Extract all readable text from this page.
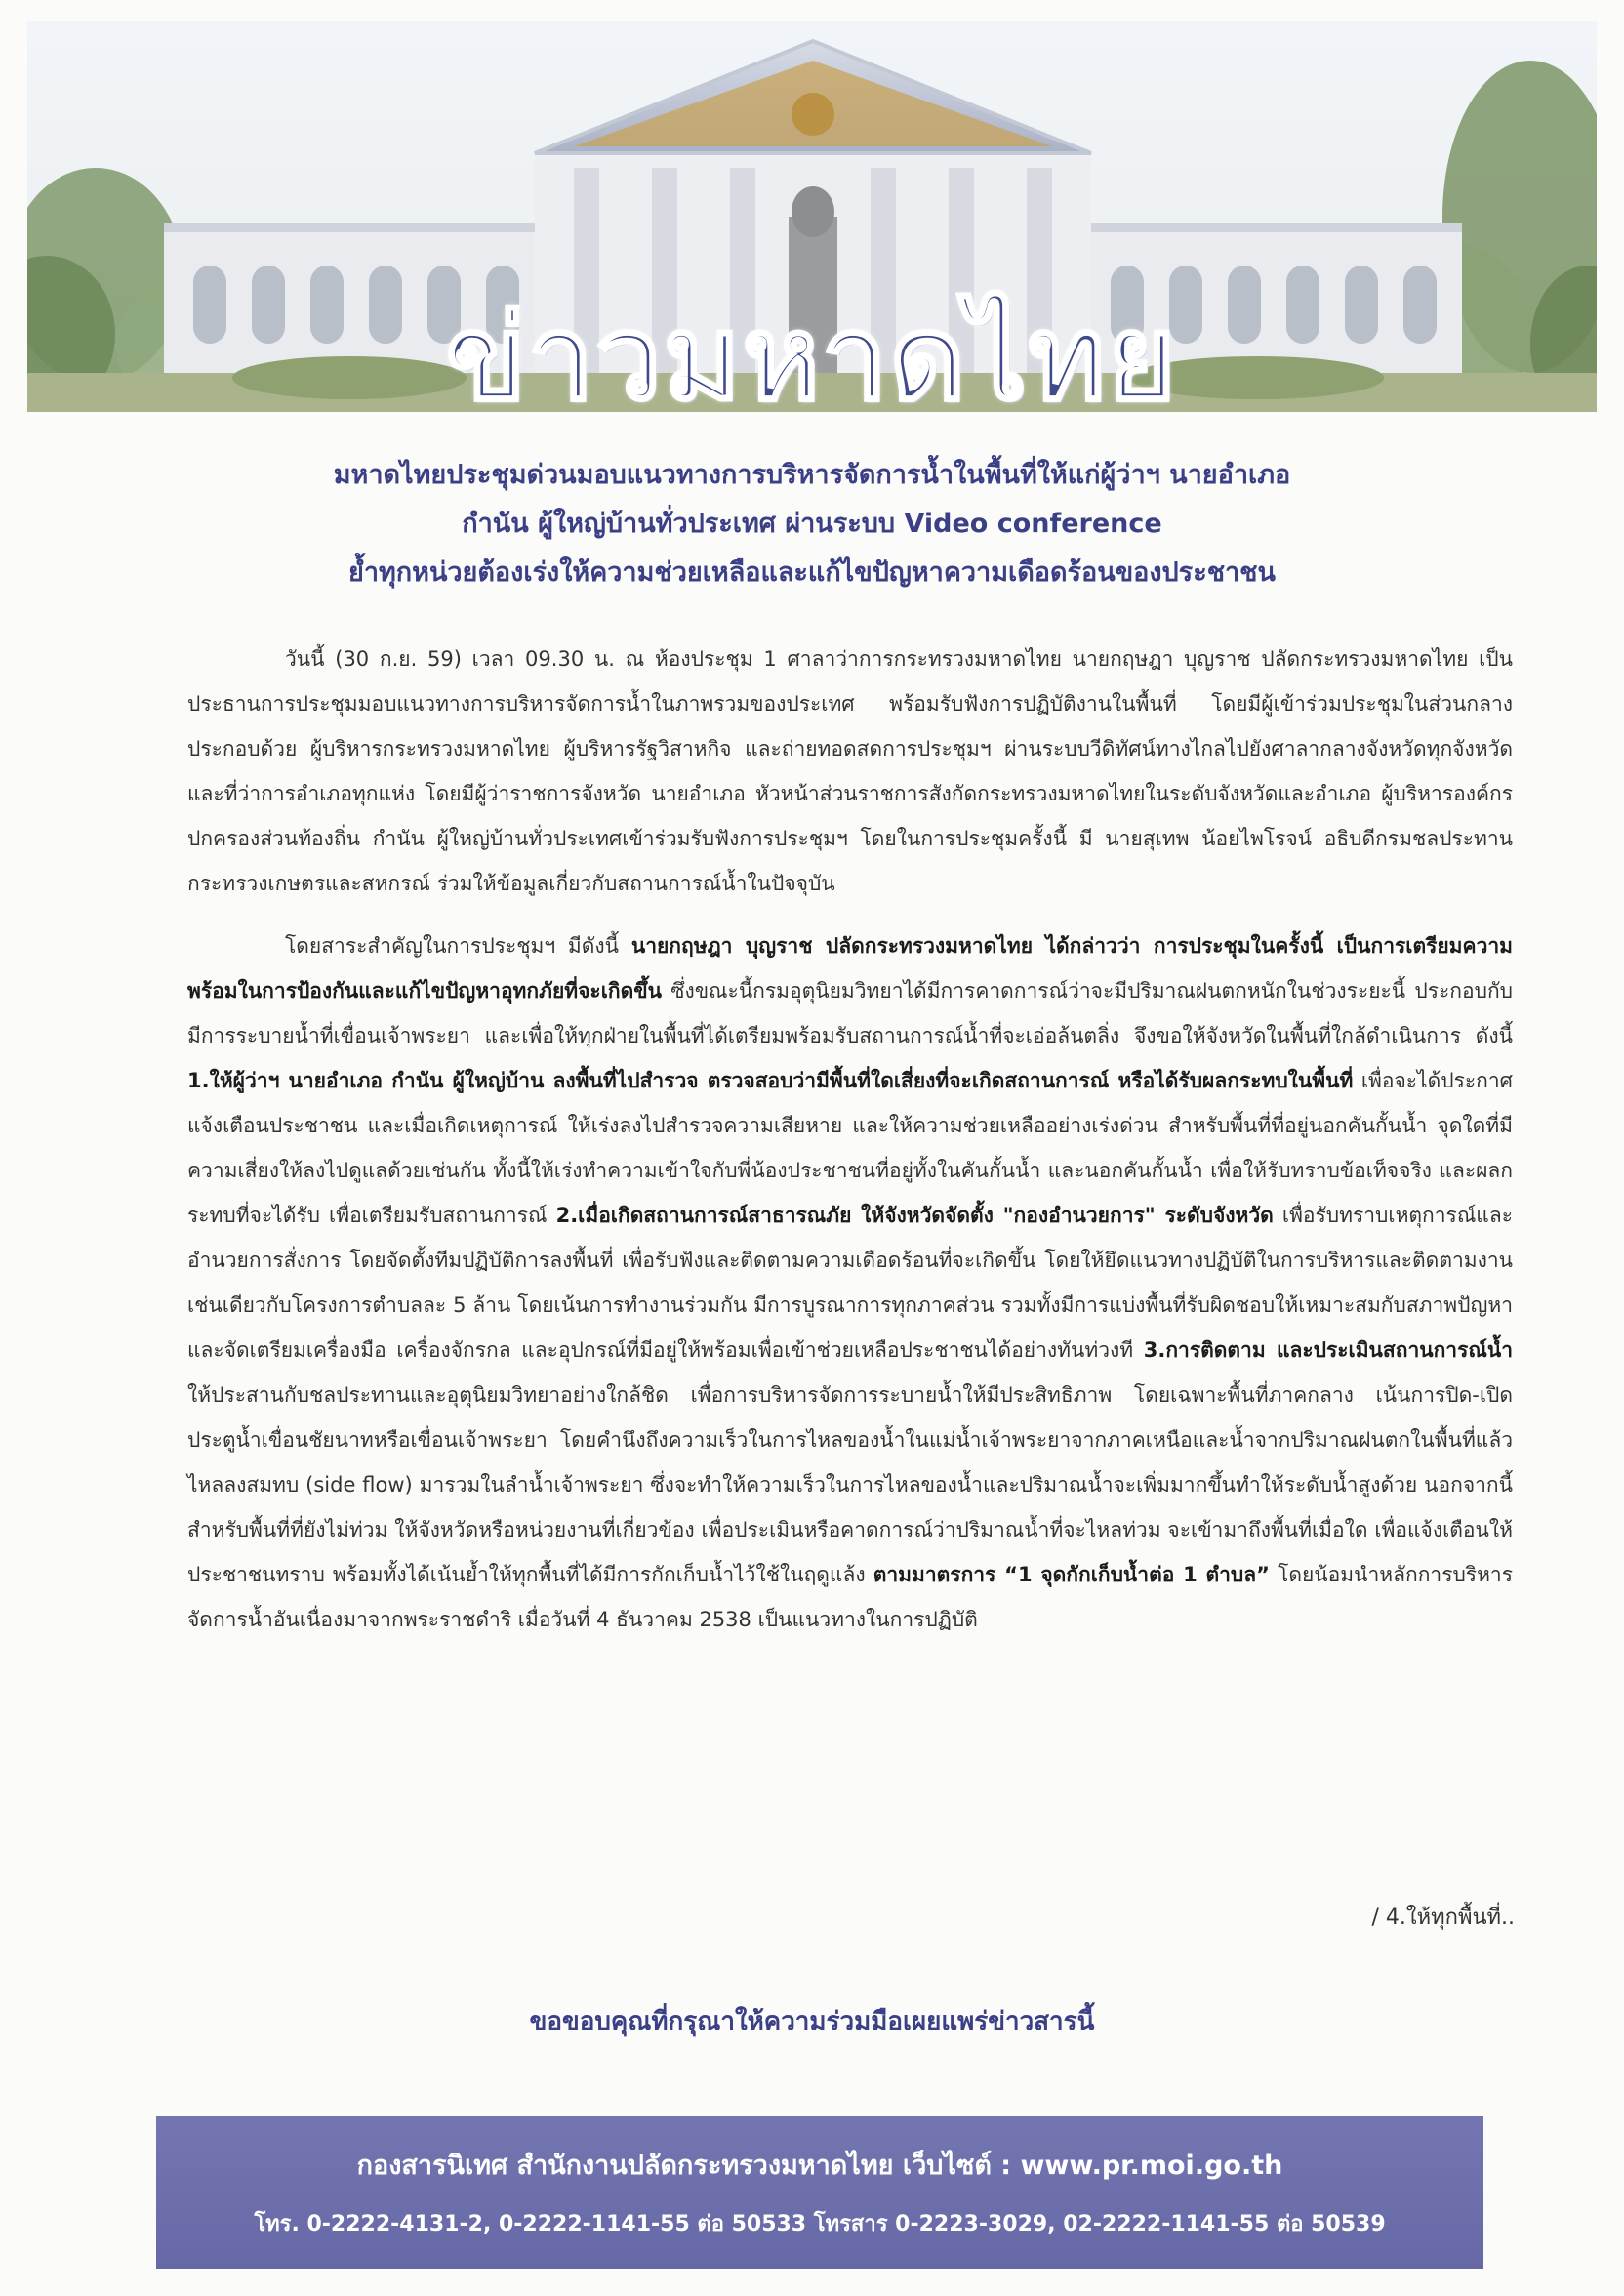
ข่าวมหาดไทย
มหาดไทยประชุมด่วนมอบแนวทางการบริหารจัดการน้ำในพื้นที่ให้แก่ผู้ว่าฯ นายอำเภอ
กำนัน ผู้ใหญ่บ้านทั่วประเทศ ผ่านระบบ Video conference
ย้ำทุกหน่วยต้องเร่งให้ความช่วยเหลือและแก้ไขปัญหาความเดือดร้อนของประชาชน

วันนี้ (30 ก.ย. 59) เวลา 09.30 น. ณ ห้องประชุม 1 ศาลาว่าการกระทรวงมหาดไทย นายกฤษฎา บุญราช ปลัดกระทรวงมหาดไทย เป็นประธานการประชุมมอบแนวทางการบริหารจัดการน้ำในภาพรวมของประเทศ พร้อมรับฟังการปฏิบัติงานในพื้นที่ โดยมีผู้เข้าร่วมประชุมในส่วนกลาง ประกอบด้วย ผู้บริหารกระทรวงมหาดไทย ผู้บริหารรัฐวิสาหกิจ และถ่ายทอดสดการประชุมฯ ผ่านระบบวีดิทัศน์ทางไกลไปยังศาลากลางจังหวัดทุกจังหวัดและที่ว่าการอำเภอทุกแห่ง โดยมีผู้ว่าราชการจังหวัด นายอำเภอ หัวหน้าส่วนราชการสังกัดกระทรวงมหาดไทยในระดับจังหวัดและอำเภอ ผู้บริหารองค์กรปกครองส่วนท้องถิ่น กำนัน ผู้ใหญ่บ้านทั่วประเทศเข้าร่วมรับฟังการประชุมฯ โดยในการประชุมครั้งนี้ มี นายสุเทพ น้อยไพโรจน์ อธิบดีกรมชลประทาน กระทรวงเกษตรและสหกรณ์ ร่วมให้ข้อมูลเกี่ยวกับสถานการณ์น้ำในปัจจุบัน

โดยสาระสำคัญในการประชุมฯ มีดังนี้ นายกฤษฎา บุญราช ปลัดกระทรวงมหาดไทย ได้กล่าวว่า การประชุมในครั้งนี้ เป็นการเตรียมความพร้อมในการป้องกันและแก้ไขปัญหาอุทกภัยที่จะเกิดขึ้น ซึ่งขณะนี้กรมอุตุนิยมวิทยาได้มีการคาดการณ์ว่าจะมีปริมาณฝนตกหนักในช่วงระยะนี้ ประกอบกับ มีการระบายน้ำที่เขื่อนเจ้าพระยา และเพื่อให้ทุกฝ่ายในพื้นที่ได้เตรียมพร้อมรับสถานการณ์น้ำที่จะเอ่อล้นตลิ่ง จึงขอให้จังหวัดในพื้นที่ใกล้ดำเนินการ ดังนี้ 1.ให้ผู้ว่าฯ นายอำเภอ กำนัน ผู้ใหญ่บ้าน ลงพื้นที่ไปสำรวจ ตรวจสอบว่ามีพื้นที่ใดเสี่ยงที่จะเกิดสถานการณ์ หรือได้รับผลกระทบในพื้นที่ เพื่อจะได้ประกาศแจ้งเตือนประชาชน และเมื่อเกิดเหตุการณ์ ให้เร่งลงไปสำรวจความเสียหาย และให้ความช่วยเหลืออย่างเร่งด่วน สำหรับพื้นที่ที่อยู่นอกคันกั้นน้ำ จุดใดที่มีความเสี่ยงให้ลงไปดูแลด้วยเช่นกัน ทั้งนี้ให้เร่งทำความเข้าใจกับพี่น้องประชาชนที่อยู่ทั้งในคันกั้นน้ำ และนอกคันกั้นน้ำ เพื่อให้รับทราบข้อเท็จจริง และผลกระทบที่จะได้รับ เพื่อเตรียมรับสถานการณ์ 2.เมื่อเกิดสถานการณ์สาธารณภัย ให้จังหวัดจัดตั้ง "กองอำนวยการ" ระดับจังหวัด เพื่อรับทราบเหตุการณ์และอำนวยการสั่งการ โดยจัดตั้งทีมปฏิบัติการลงพื้นที่ เพื่อรับฟังและติดตามความเดือดร้อนที่จะเกิดขึ้น โดยให้ยึดแนวทางปฏิบัติในการบริหารและติดตามงาน เช่นเดียวกับโครงการตำบลละ 5 ล้าน โดยเน้นการทำงานร่วมกัน มีการบูรณาการทุกภาคส่วน รวมทั้งมีการแบ่งพื้นที่รับผิดชอบให้เหมาะสมกับสภาพปัญหา และจัดเตรียมเครื่องมือ เครื่องจักรกล และอุปกรณ์ที่มีอยู่ให้พร้อมเพื่อเข้าช่วยเหลือประชาชนได้อย่างทันท่วงที 3.การติดตาม และประเมินสถานการณ์น้ำ ให้ประสานกับชลประทานและอุตุนิยมวิทยาอย่างใกล้ชิด เพื่อการบริหารจัดการระบายน้ำให้มีประสิทธิภาพ โดยเฉพาะพื้นที่ภาคกลาง เน้นการปิด-เปิด ประตูน้ำเขื่อนชัยนาทหรือเขื่อนเจ้าพระยา โดยคำนึงถึงความเร็วในการไหลของน้ำในแม่น้ำเจ้าพระยาจากภาคเหนือและน้ำจากปริมาณฝนตกในพื้นที่แล้วไหลลงสมทบ (side flow) มารวมในลำน้ำเจ้าพระยา ซึ่งจะทำให้ความเร็วในการไหลของน้ำและปริมาณน้ำจะเพิ่มมากขึ้นทำให้ระดับน้ำสูงด้วย นอกจากนี้สำหรับพื้นที่ที่ยังไม่ท่วม ให้จังหวัดหรือหน่วยงานที่เกี่ยวข้อง เพื่อประเมินหรือคาดการณ์ว่าปริมาณน้ำที่จะไหลท่วม จะเข้ามาถึงพื้นที่เมื่อใด เพื่อแจ้งเตือนให้ประชาชนทราบ พร้อมทั้งได้เน้นย้ำให้ทุกพื้นที่ได้มีการกักเก็บน้ำไว้ใช้ในฤดูแล้ง ตามมาตรการ “1 จุดกักเก็บน้ำต่อ 1 ตำบล” โดยน้อมนำหลักการบริหารจัดการน้ำอันเนื่องมาจากพระราชดำริ เมื่อวันที่ 4 ธันวาคม 2538 เป็นแนวทางในการปฏิบัติ

/ 4.ให้ทุกพื้นที่..
ขอขอบคุณที่กรุณาให้ความร่วมมือเผยแพร่ข่าวสารนี้
กองสารนิเทศ สำนักงานปลัดกระทรวงมหาดไทย เว็บไซต์ : www.pr.moi.go.th
โทร. 0-2222-4131-2, 0-2222-1141-55 ต่อ 50533 โทรสาร 0-2223-3029, 02-2222-1141-55 ต่อ 50539
